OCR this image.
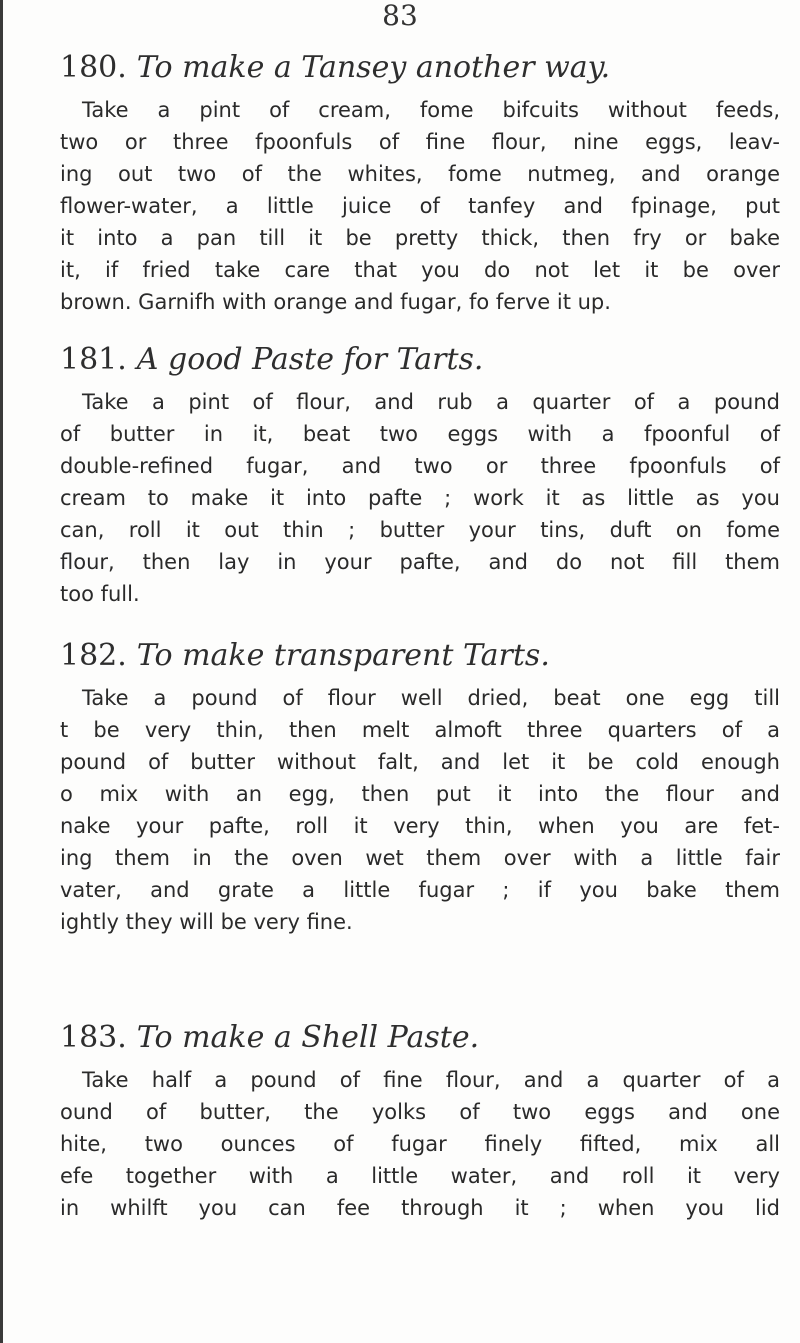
83
180. To make a Tansey another way.
Take a pint of cream, fome bifcuits without feeds,
two or three fpoonfuls of fine flour, nine eggs, leav-
ing out two of the whites, fome nutmeg, and orange
flower-water, a little juice of tanfey and fpinage, put
it into a pan till it be pretty thick, then fry or bake
it, if fried take care that you do not let it be over
brown. Garnifh with orange and fugar, fo ferve it up.
181. A good Paste for Tarts.
Take a pint of flour, and rub a quarter of a pound
of butter in it, beat two eggs with a fpoonful of
double-refined fugar, and two or three fpoonfuls of
cream to make it into pafte ; work it as little as you
can, roll it out thin ; butter your tins, duft on fome
flour, then lay in your pafte, and do not fill them
too full.
182. To make transparent Tarts.
Take a pound of flour well dried, beat one egg till
t be very thin, then melt almoft three quarters of a
pound of butter without falt, and let it be cold enough
o mix with an egg, then put it into the flour and
nake your pafte, roll it very thin, when you are fet-
ing them in the oven wet them over with a little fair
vater, and grate a little fugar ; if you bake them
ightly they will be very fine.
183. To make a Shell Paste.
Take half a pound of fine flour, and a quarter of a
ound of butter, the yolks of two eggs and one
hite, two ounces of fugar finely fifted, mix all
efe together with a little water, and roll it very
in whilft you can fee through it ; when you lid
